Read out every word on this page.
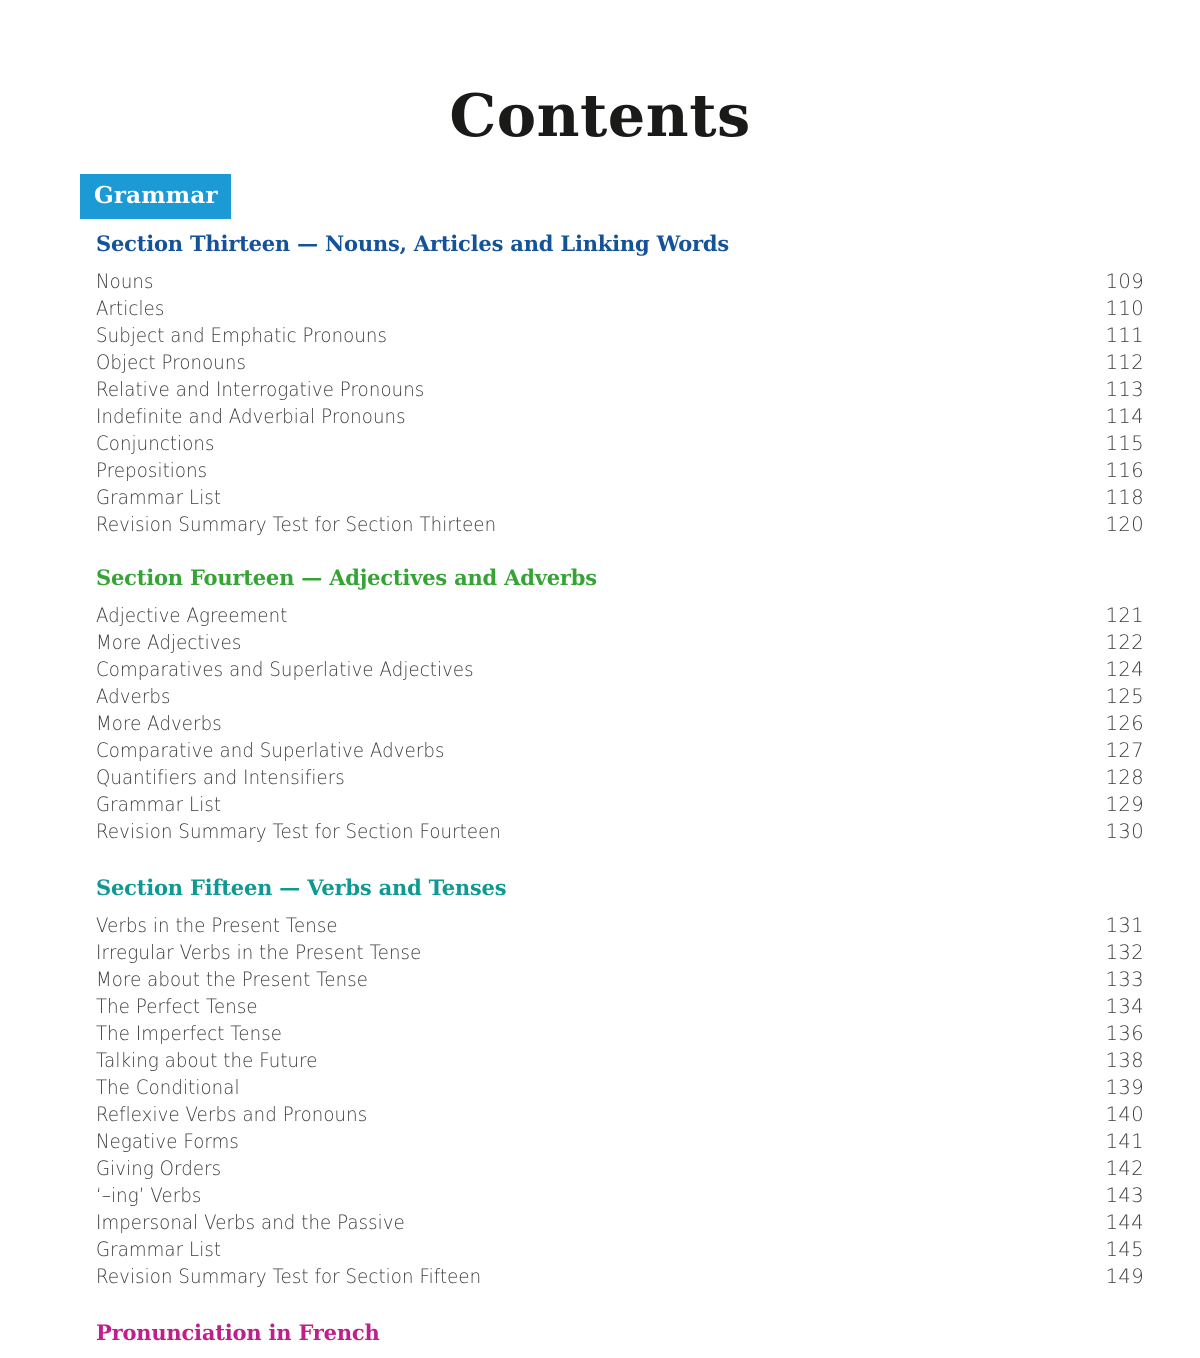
Contents
Grammar
Section Thirteen — Nouns, Articles and Linking Words
Nouns	109
Articles	110
Subject and Emphatic Pronouns	111
Object Pronouns	112
Relative and Interrogative Pronouns	113
Indefinite and Adverbial Pronouns	114
Conjunctions	115
Prepositions	116
Grammar List	118
Revision Summary Test for Section Thirteen	120
Section Fourteen — Adjectives and Adverbs
Adjective Agreement	121
More Adjectives	122
Comparatives and Superlative Adjectives	124
Adverbs	125
More Adverbs	126
Comparative and Superlative Adverbs	127
Quantifiers and Intensifiers	128
Grammar List	129
Revision Summary Test for Section Fourteen	130
Section Fifteen — Verbs and Tenses
Verbs in the Present Tense	131
Irregular Verbs in the Present Tense	132
More about the Present Tense	133
The Perfect Tense	134
The Imperfect Tense	136
Talking about the Future	138
The Conditional	139
Reflexive Verbs and Pronouns	140
Negative Forms	141
Giving Orders	142
‘–ing’ Verbs	143
Impersonal Verbs and the Passive	144
Grammar List	145
Revision Summary Test for Section Fifteen	149
Pronunciation in French
